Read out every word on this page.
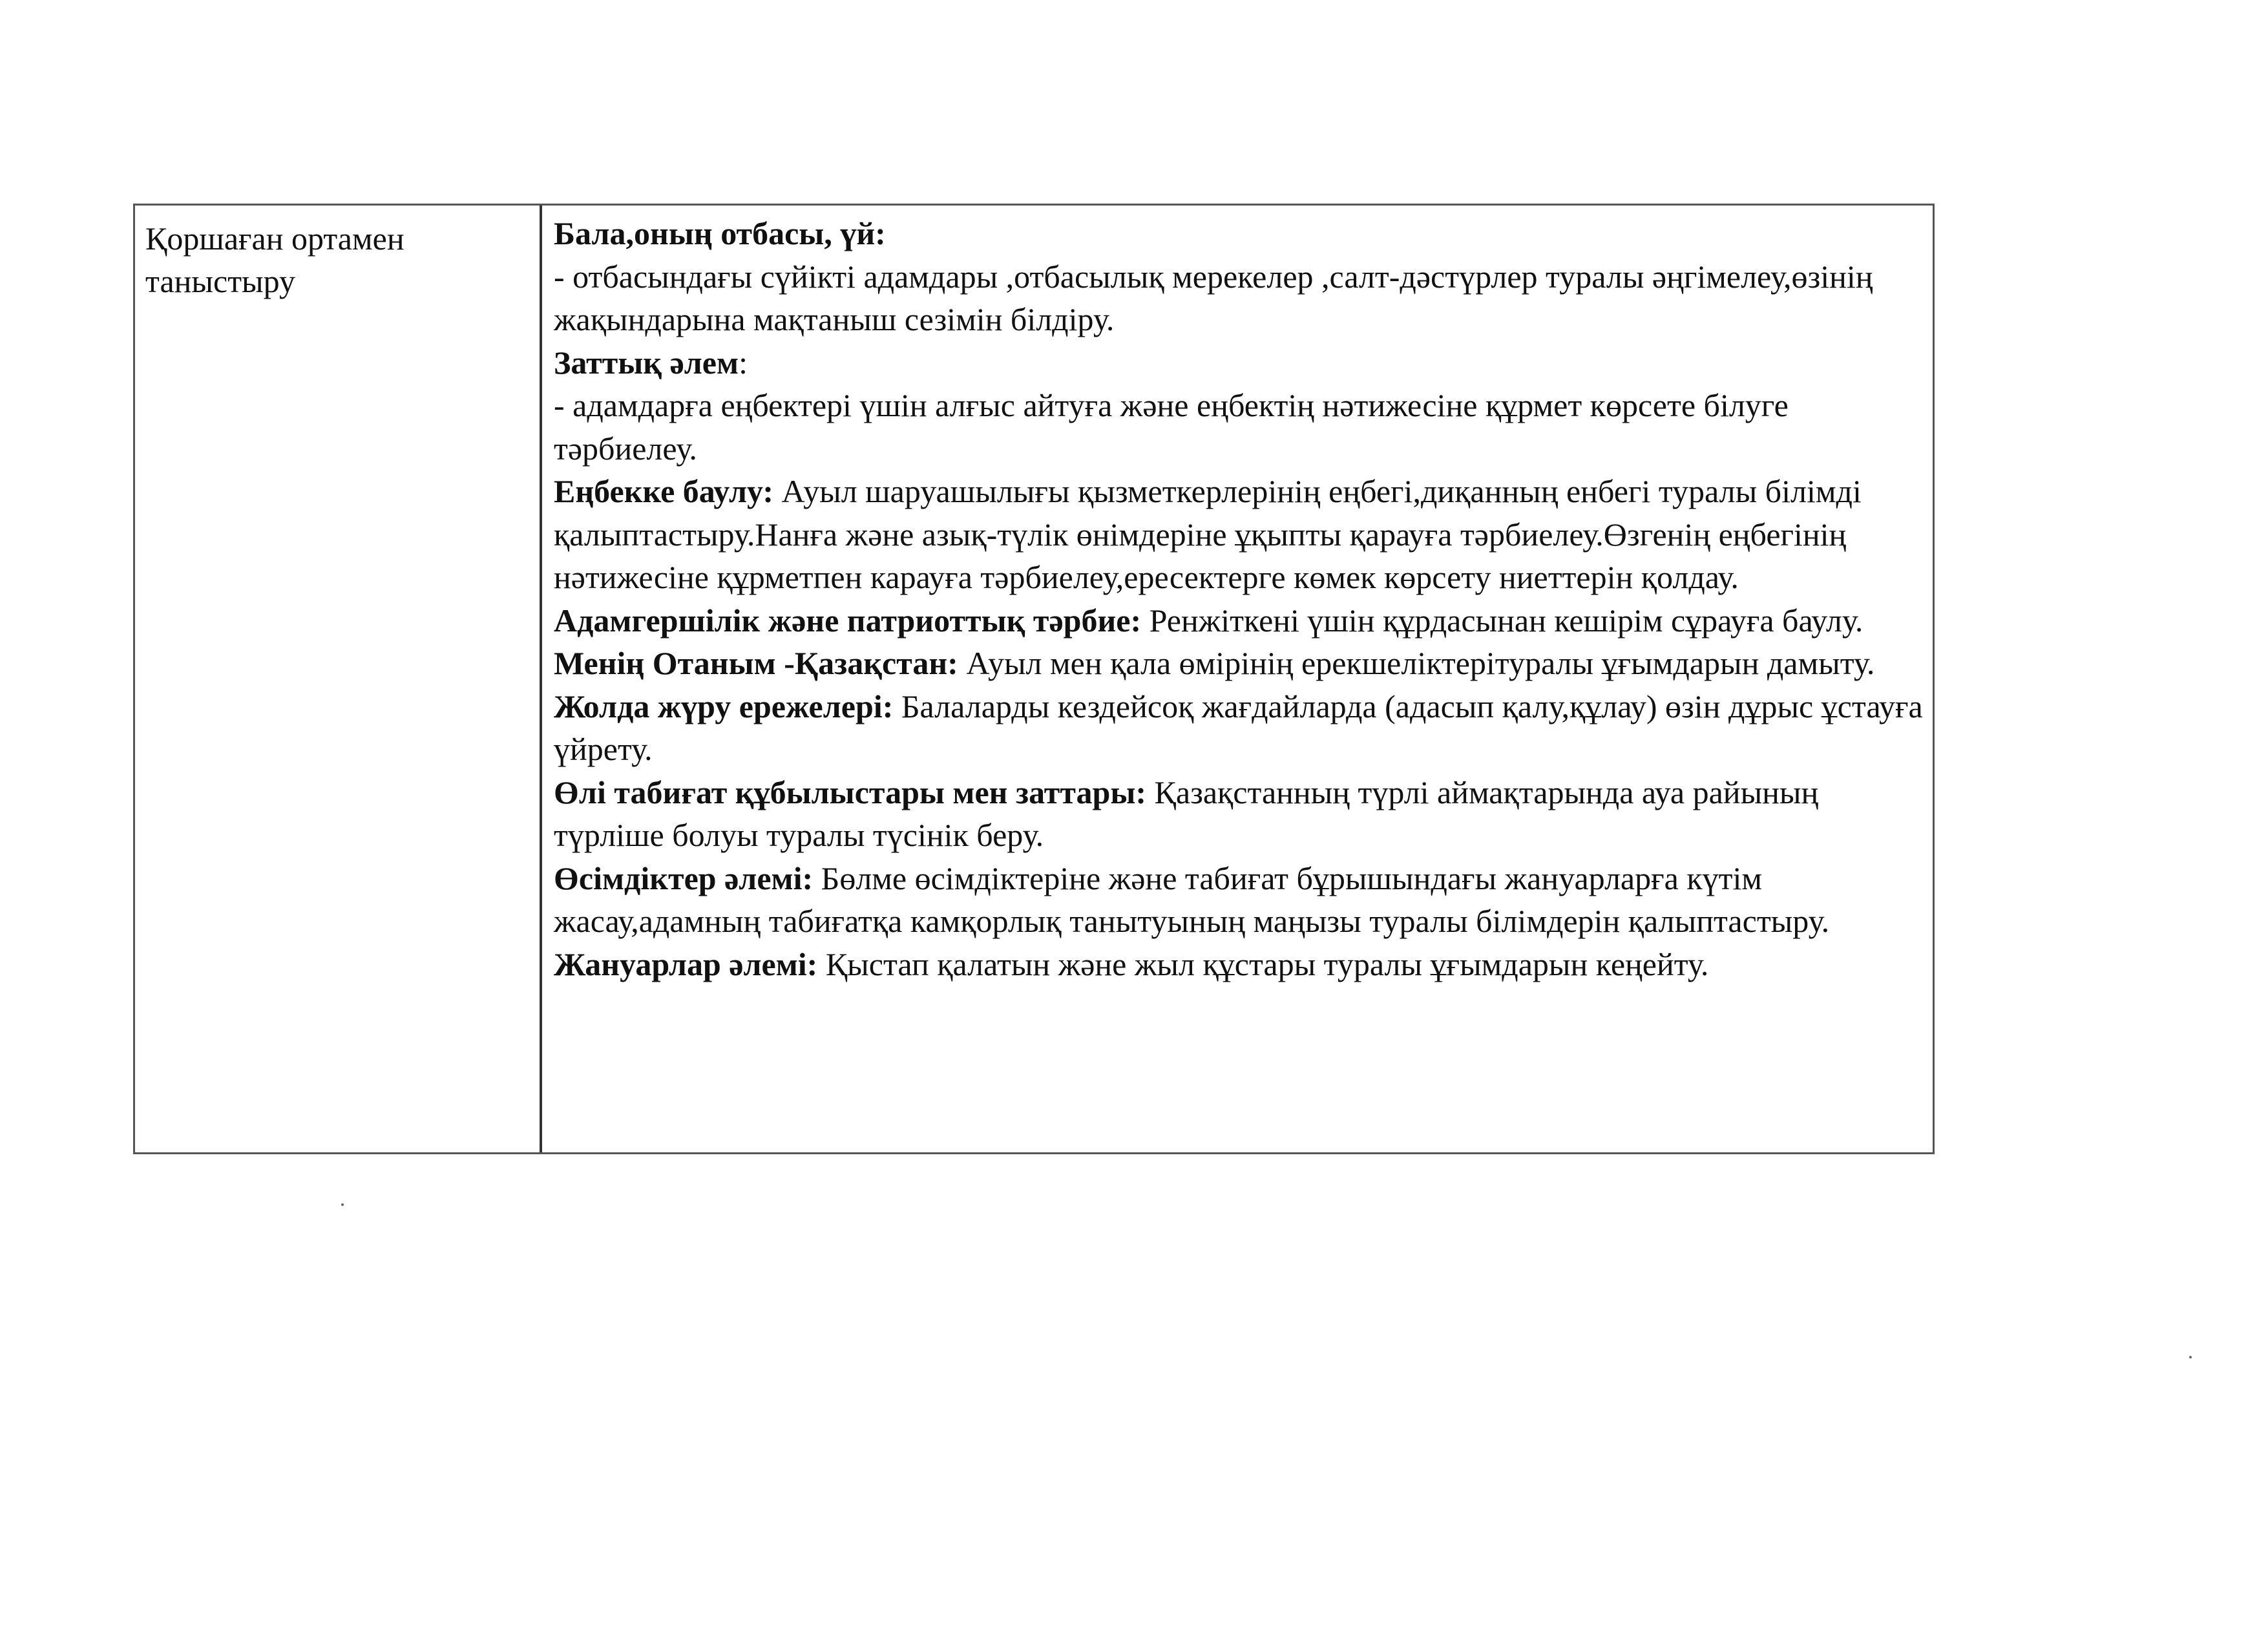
Қоршаған ортамен таныстыру

Бала,оның отбасы, үй:

- отбасындағы сүйікті адамдары ,отбасылық мерекелер ,салт-дәстүрлер туралы әңгімелеу,өзінің жақындарына мақтаныш сезімін білдіру.

Заттық әлем:

- адамдарға еңбектері үшін алғыс айтуға және еңбектің нәтижесіне құрмет көрсете білуге тәрбиелеу.

Еңбекке баулу: Ауыл шаруашылығы қызметкерлерінің еңбегі,диқанның енбегі туралы білімді қалыптастыру.Нанға және азық-түлік өнімдеріне ұқыпты қарауға тәрбиелеу.Өзгенің еңбегінің нәтижесіне құрметпен карауға тәрбиелеу,ересектерге көмек көрсету ниеттерін қолдау.

Адамгершілік және патриоттық тәрбие: Ренжіткені үшін құрдасынан кешірім сұрауға баулу.

Менің Отаным -Қазақстан: Ауыл мен қала өмірінің ерекшеліктерітуралы ұғымдарын дамыту.

Жолда жүру ережелері: Балаларды кездейсоқ жағдайларда (адасып қалу,құлау) өзін дұрыс ұстауға үйрету.

Өлі табиғат құбылыстары мен заттары: Қазақстанның түрлі аймақтарында ауа райының түрліше болуы туралы түсінік беру.

Өсімдіктер әлемі: Бөлме өсімдіктеріне және табиғат бұрышындағы жануарларға күтім жасау,адамның табиғатқа камқорлық танытуының маңызы туралы білімдерін қалыптастыру.

Жануарлар әлемі: Қыстап қалатын және жыл құстары туралы ұғымдарын кеңейту.
